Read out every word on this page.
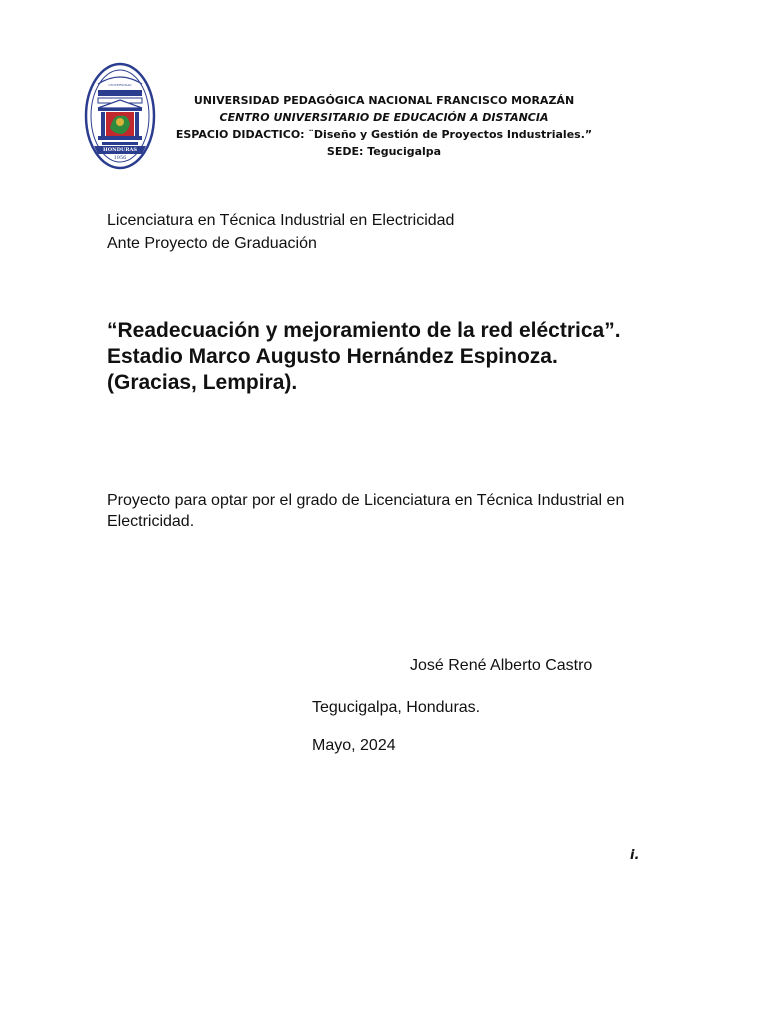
UNIVERSIDAD
HONDURAS
1956
UNIVERSIDAD PEDAGÓGICA NACIONAL FRANCISCO MORAZÁN
CENTRO UNIVERSITARIO DE EDUCACIÓN A DISTANCIA
ESPACIO DIDACTICO: ¨Diseño y Gestión de Proyectos Industriales.”
SEDE: Tegucigalpa
Licenciatura en Técnica Industrial en Electricidad
Ante Proyecto de Graduación
“Readecuación y mejoramiento de la red eléctrica”.
Estadio Marco Augusto Hernández Espinoza.
(Gracias, Lempira).
Proyecto para optar por el grado de Licenciatura en Técnica Industrial en Electricidad.
José René Alberto Castro
Tegucigalpa, Honduras.
Mayo, 2024
i.
